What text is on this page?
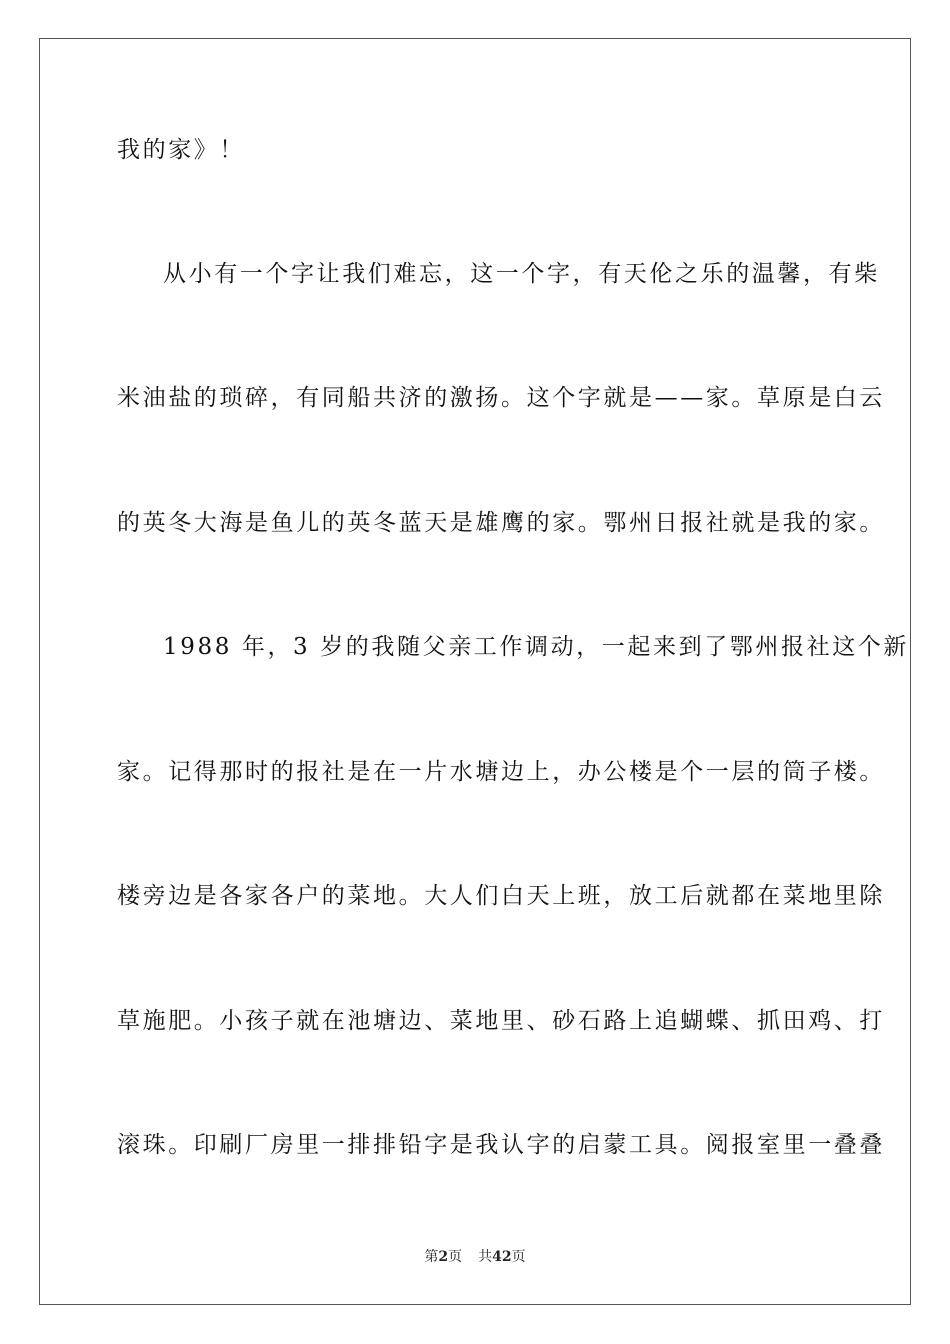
我的家》！
从小有一个字让我们难忘，这一个字，有天伦之乐的温馨，有柴
米油盐的琐碎，有同船共济的激扬。这个字就是——家。草原是白云
的英冬大海是鱼儿的英冬蓝天是雄鹰的家。鄂州日报社就是我的家。
1988 年，3 岁的我随父亲工作调动，一起来到了鄂州报社这个新
家。记得那时的报社是在一片水塘边上，办公楼是个一层的筒子楼。
楼旁边是各家各户的菜地。大人们白天上班，放工后就都在菜地里除
草施肥。小孩子就在池塘边、菜地里、砂石路上追蝴蝶、抓田鸡、打
滚珠。印刷厂房里一排排铅字是我认字的启蒙工具。阅报室里一叠叠
第2页 共42页
